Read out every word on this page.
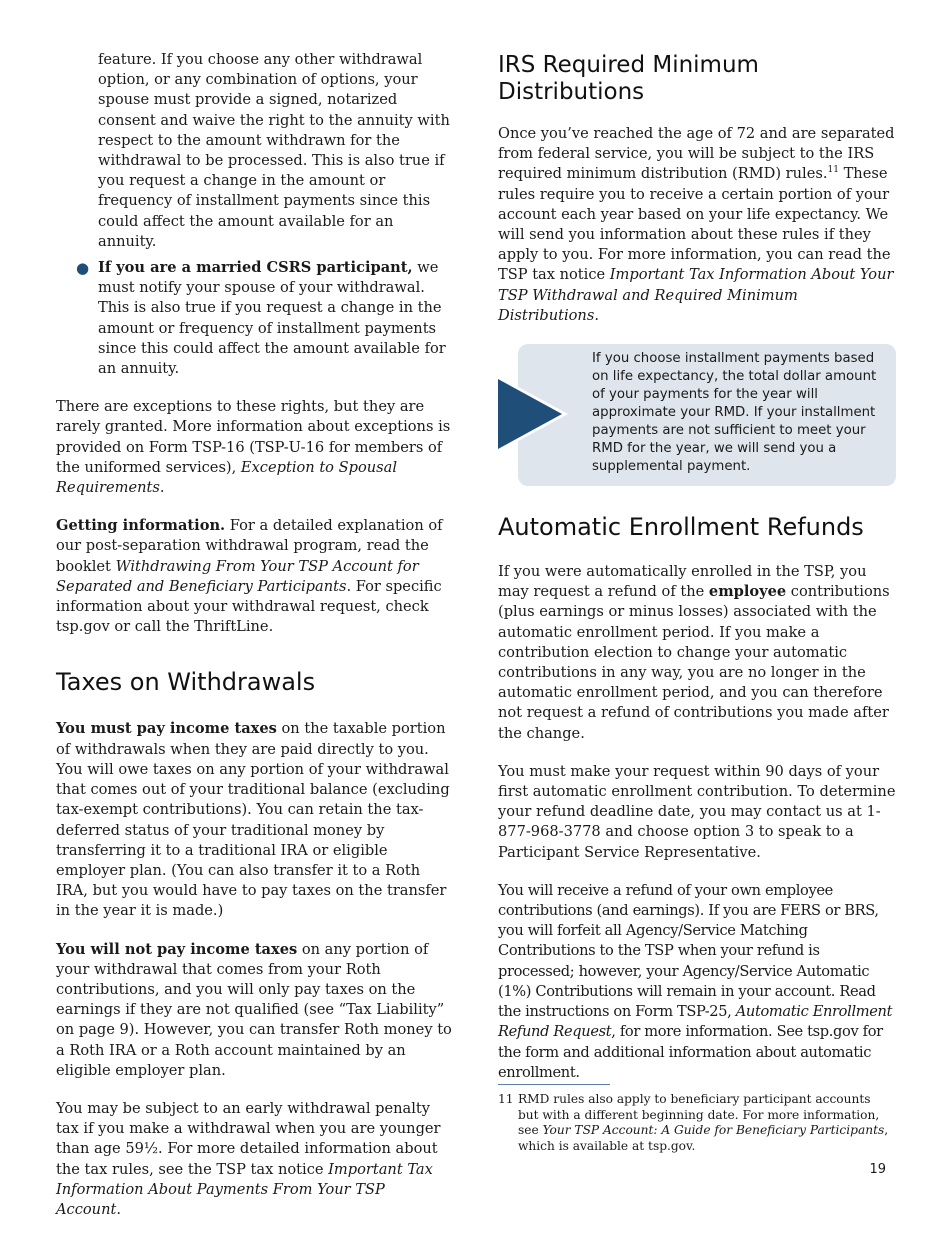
feature. If you choose any other withdrawal option, or any combination of options, your spouse must provide a signed, notarized consent and waive the right to the annuity with respect to the amount withdrawn for the withdrawal to be processed. This is also true if you request a change in the amount or frequency of installment payments since this could affect the amount available for an annuity.

● If you are a married CSRS participant, we must notify your spouse of your withdrawal. This is also true if you request a change in the amount or frequency of installment payments since this could affect the amount available for an annuity.

There are exceptions to these rights, but they are rarely granted. More information about exceptions is provided on Form TSP-16 (TSP-U-16 for members of the uniformed services), Exception to Spousal Requirements.

Getting information. For a detailed explanation of our post-separation withdrawal program, read the booklet Withdrawing From Your TSP Account for Separated and Beneficiary Participants. For specific information about your withdrawal request, check tsp.gov or call the ThriftLine.

Taxes on Withdrawals

You must pay income taxes on the taxable portion of withdrawals when they are paid directly to you. You will owe taxes on any portion of your withdrawal that comes out of your traditional balance (excluding tax-exempt contributions). You can retain the tax-deferred status of your traditional money by transferring it to a traditional IRA or eligible employer plan. (You can also transfer it to a Roth IRA, but you would have to pay taxes on the transfer in the year it is made.)

You will not pay income taxes on any portion of your withdrawal that comes from your Roth contributions, and you will only pay taxes on the earnings if they are not qualified (see “Tax Liability” on page 9). However, you can transfer Roth money to a Roth IRA or a Roth account maintained by an eligible employer plan.

You may be subject to an early withdrawal penalty tax if you make a withdrawal when you are younger than age 59½. For more detailed information about the tax rules, see the TSP tax notice Important Tax Information About Payments From Your TSP Account.

IRS Required Minimum Distributions

Once you’ve reached the age of 72 and are separated from federal service, you will be subject to the IRS required minimum distribution (RMD) rules.$^{11}$ These rules require you to receive a certain portion of your account each year based on your life expectancy. We will send you information about these rules if they apply to you. For more information, you can read the TSP tax notice Important Tax Information About Your TSP Withdrawal and Required Minimum Distributions.

If you choose installment payments based on life expectancy, the total dollar amount of your payments for the year will approximate your RMD. If your installment payments are not sufficient to meet your RMD for the year, we will send you a supplemental payment.
Automatic Enrollment Refunds

If you were automatically enrolled in the TSP, you may request a refund of the employee contributions (plus earnings or minus losses) associated with the automatic enrollment period. If you make a contribution election to change your automatic contributions in any way, you are no longer in the automatic enrollment period, and you can therefore not request a refund of contributions you made after the change.

You must make your request within 90 days of your first automatic enrollment contribution. To determine your refund deadline date, you may contact us at 1-877-968-3778 and choose option 3 to speak to a Participant Service Representative.

You will receive a refund of your own employee contributions (and earnings). If you are FERS or BRS, you will forfeit all Agency/Service Matching Contributions to the TSP when your refund is processed; however, your Agency/Service Automatic (1%) Contributions will remain in your account. Read the instructions on Form TSP-25, Automatic Enrollment Refund Request, for more information. See tsp.gov for the form and additional information about automatic enrollment.

11 RMD rules also apply to beneficiary participant accounts but with a different beginning date. For more information, see Your TSP Account: A Guide for Beneficiary Participants, which is available at tsp.gov.
19
